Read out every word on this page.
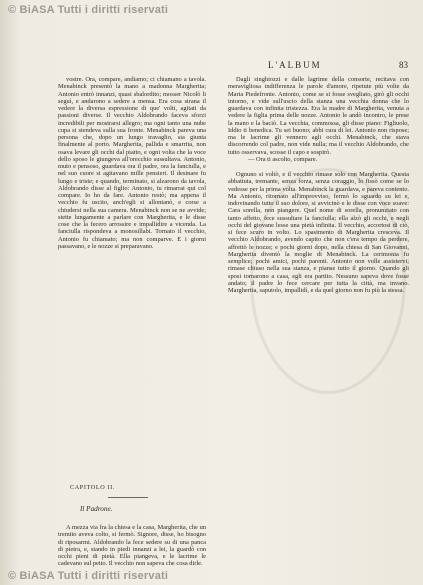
© BiASA Tutti i diritti riservati
L'ALBUM	83

vostre. Ora, compare, andiamo; ci chiamano a tavola. Menabinck presentò la mano a madonna Margherita; Antonio entrò innanzi, quasi sbalordito; mosser Nicolò li seguì, e andarono a sedere a mensa. Era cosa strana il vedere la diversa espressione di que' volti, agitati da passioni diverse. Il vecchio Aldobrando faceva sforzi incredibili per mostrarsi allegro; ma ogni tanto una nube cupa si stendeva sulla sua fronte. Menabinck pareva una persona che, dopo un lungo travaglio, sia giunta finalmente al porto. Margherita, pallida e smarrita, non osava levare gli occhi dal piatto, e ogni volta che la voce dello sposo le giungeva all'orecchio sussultava. Antonio, muto e pensoso, guardava ora il padre, ora la fanciulla, e nel suo cuore si agitavano mille pensieri. Il desinare fu lungo e triste; e quando, terminato, si alzarono da tavola, Aldobrando disse al figlio: Antonio, tu rimarrai qui col compare. Io ho da fare. Antonio restò; ma appena il vecchio fu uscito, anch'egli si allontanò, e corse a chiudersi nella sua camera. Menabinck non se ne avvide; stette lungamente a parlare con Margherita, e le disse cose che la fecero arrossire e impallidire a vicenda. La fanciulla rispondeva a monosillabi. Tornato il vecchio, Antonio fu chiamato; ma non comparve. E i giorni passavano, e le nozze si preparavano.

CAPITOLO II.
Il Padrone.

A mezza via fra la chiesa e la casa, Margherita, che un tremito aveva colto, si fermò. Signore, disse, ho bisogno di riposarmi. Aldobrando la fece sedere su di una panca di pietra, e, stando in piedi innanzi a lei, la guardò con occhi pieni di pietà. Ella piangeva, e le lacrime le cadevano sul petto. Il vecchio non sapeva che cosa dirle.

Dagli singhiozzi e dalle lagrime della consorte, recitava con meravigliosa indifferenza le parole d'amore, ripetute più volte da Maria Piedefronte. Antonio, come se si fosse svegliato, girò gli occhi intorno, e vide sull'uscio della stanza una vecchia donna che lo guardava con infinita tristezza. Era la madre di Margherita, venuta a vedere la figlia prima delle nozze. Antonio le andò incontro, le prese la mano e la baciò. La vecchia, commossa, gli disse piano: Figliuolo, Iddio ti benedica. Tu sei buono; abbi cura di lei. Antonio non rispose; ma le lacrime gli vennero agli occhi. Menabinck, che stava discorrendo col padre, non vide nulla; ma il vecchio Aldobrando, che tutto osservava, scosse il capo e sospirò.

— Ora ti ascolto, compare.

Ognuno si voltò, e il vecchio rimase solo con Margherita. Questa abbattuta, tremante, senza forza, senza coraggio, lo fissò come se lo vedesse per la prima volta. Menabinck la guardava, e pareva contento. Ma Antonio, ritornato all'improvviso, fermò lo sguardo su lei e, indovinando tutto il suo dolore, si avvicinò e le disse con voce soave: Cara sorella, non piangere. Quel nome di sorella, pronunziato con tanto affetto, fece sussultare la fanciulla; ella alzò gli occhi, e negli occhi del giovane lesse una pietà infinita. Il vecchio, accortosi di ciò, si fece scuro in volto. Lo spasimento di Margherita cresceva. Il vecchio Aldobrando, avendo capito che non c'era tempo da perdere, affrettò le nozze; e pochi giorni dopo, nella chiesa di San Giovanni, Margherita diventò la moglie di Menabinck. La cerimonia fu semplice; pochi amici, pochi parenti. Antonio non volle assistervi; rimase chiuso nella sua stanza, e pianse tutto il giorno. Quando gli sposi tornarono a casa, egli era partito. Nessuno sapeva dove fosse andato; il padre lo fece cercare per tutta la città, ma invano. Margherita, saputolo, impallidì, e da quel giorno non fu più la stessa.

© BiASA Tutti i diritti riservati
